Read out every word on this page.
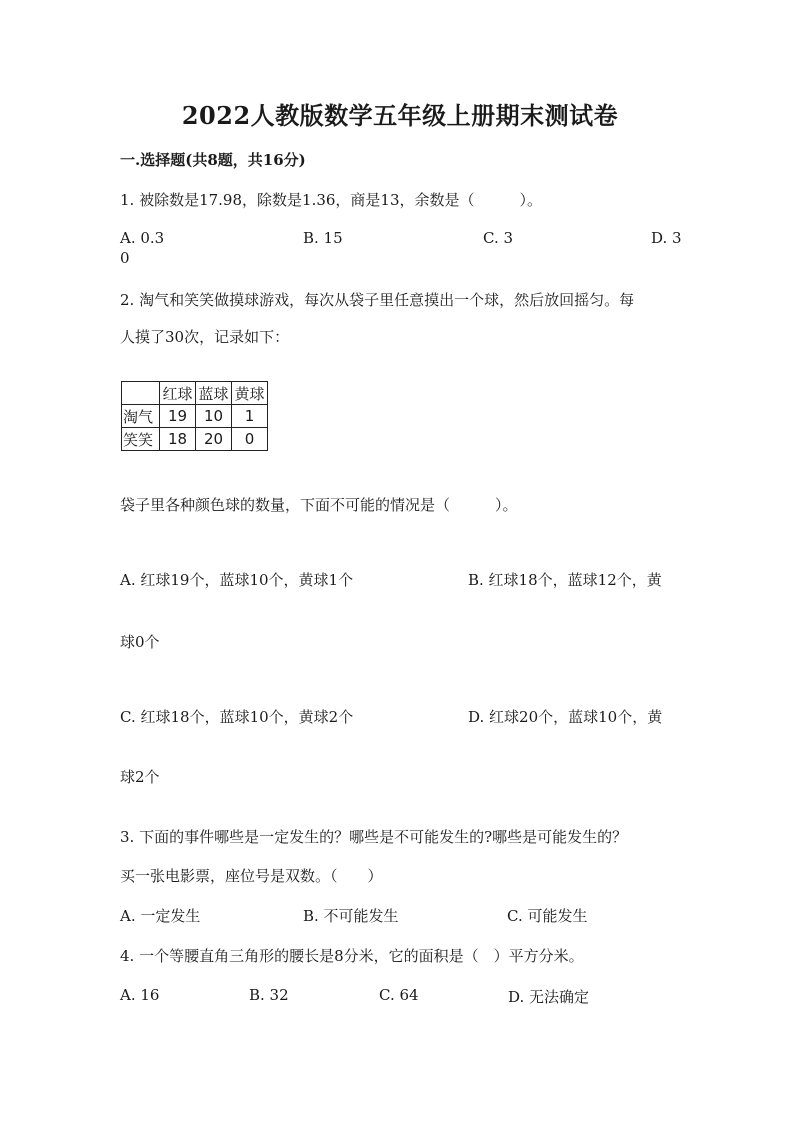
2022人教版数学五年级上册期末测试卷
一.选择题(共8题，共16分)
1. 被除数是17.98，除数是1.36，商是13，余数是（　　　）。
A. 0.3	B. 15	C. 3	D. 3
0
2. 淘气和笑笑做摸球游戏，每次从袋子里任意摸出一个球，然后放回摇匀。每
人摸了30次，记录如下：
	红球	蓝球	黄球
淘气	19	10	1
笑笑	18	20	0
袋子里各种颜色球的数量，下面不可能的情况是（　　　）。
A. 红球19个，蓝球10个，黄球1个	B. 红球18个，蓝球12个，黄
球0个
C. 红球18个，蓝球10个，黄球2个	D. 红球20个，蓝球10个，黄
球2个
3. 下面的事件哪些是一定发生的？哪些是不可能发生的?哪些是可能发生的？
买一张电影票，座位号是双数。（　　）
A. 一定发生	B. 不可能发生	C. 可能发生
4. 一个等腰直角三角形的腰长是8分米，它的面积是（　）平方分米。
A. 16	B. 32	C. 64	D. 无法确定
